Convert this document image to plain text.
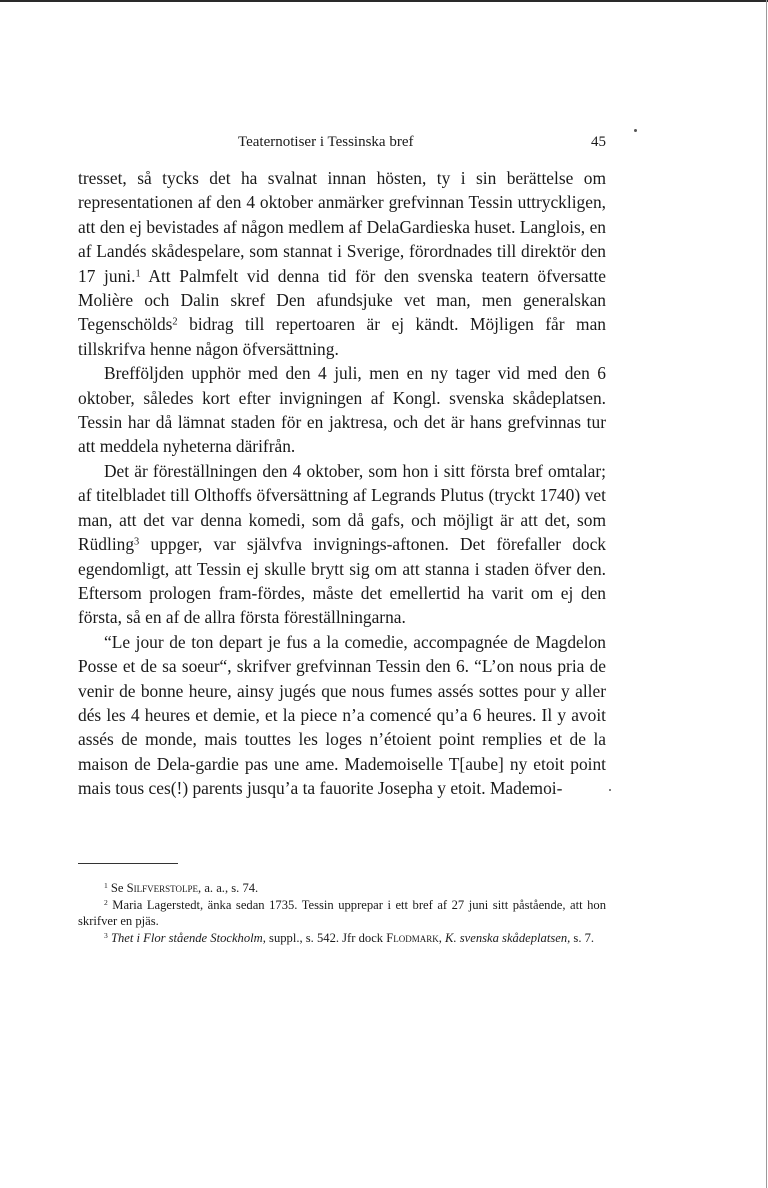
Teaternotiser i Tessinska bref	45

tresset, så tycks det ha svalnat innan hösten, ty i sin berättelse om representationen af den 4 oktober anmärker grefvinnan Tessin uttryckligen, att den ej bevistades af någon medlem af DelaGardieska huset. Langlois, en af Landés skådespelare, som stannat i Sverige, förordnades till direktör den 17 juni.$^1$ Att Palmfelt vid denna tid för den svenska teatern öfversatte Molière och Dalin skref Den afundsjuke vet man, men generalskan Tegenschölds$^2$ bidrag till repertoaren är ej kändt. Möjligen får man tillskrifva henne någon öfversättning.

Brefföljden upphör med den 4 juli, men en ny tager vid med den 6 oktober, således kort efter invigningen af Kongl. svenska skådeplatsen. Tessin har då lämnat staden för en jaktresa, och det är hans grefvinnas tur att meddela nyheterna därifrån.

Det är föreställningen den 4 oktober, som hon i sitt första bref omtalar; af titelbladet till Olthoffs öfversättning af Legrands Plutus (tryckt 1740) vet man, att det var denna komedi, som då gafs, och möjligt är att det, som Rüdling$^3$ uppger, var självfva invignings-aftonen. Det förefaller dock egendomligt, att Tessin ej skulle brytt sig om att stanna i staden öfver den. Eftersom prologen fram-fördes, måste det emellertid ha varit om ej den första, så en af de allra första föreställningarna.

“Le jour de ton depart je fus a la comedie, accompagnée de Magdelon Posse et de sa soeur“, skrifver grefvinnan Tessin den 6. “L’on nous pria de venir de bonne heure, ainsy jugés que nous fumes assés sottes pour y aller dés les 4 heures et demie, et la piece n’a comencé qu’a 6 heures. Il y avoit assés de monde, mais touttes les loges n’étoient point remplies et de la maison de Dela-gardie pas une ame. Mademoiselle T[aube] ny etoit point mais tous ces(!) parents jusqu’a ta fauorite Josepha y etoit. Mademoi-

$^1$ Se Silfverstolpe, a. a., s. 74.

$^2$ Maria Lagerstedt, änka sedan 1735. Tessin upprepar i ett bref af 27 juni sitt påstående, att hon skrifver en pjäs.

$^3$ Thet i Flor stående Stockholm, suppl., s. 542. Jfr dock Flodmark, K. svenska skådeplatsen, s. 7.
